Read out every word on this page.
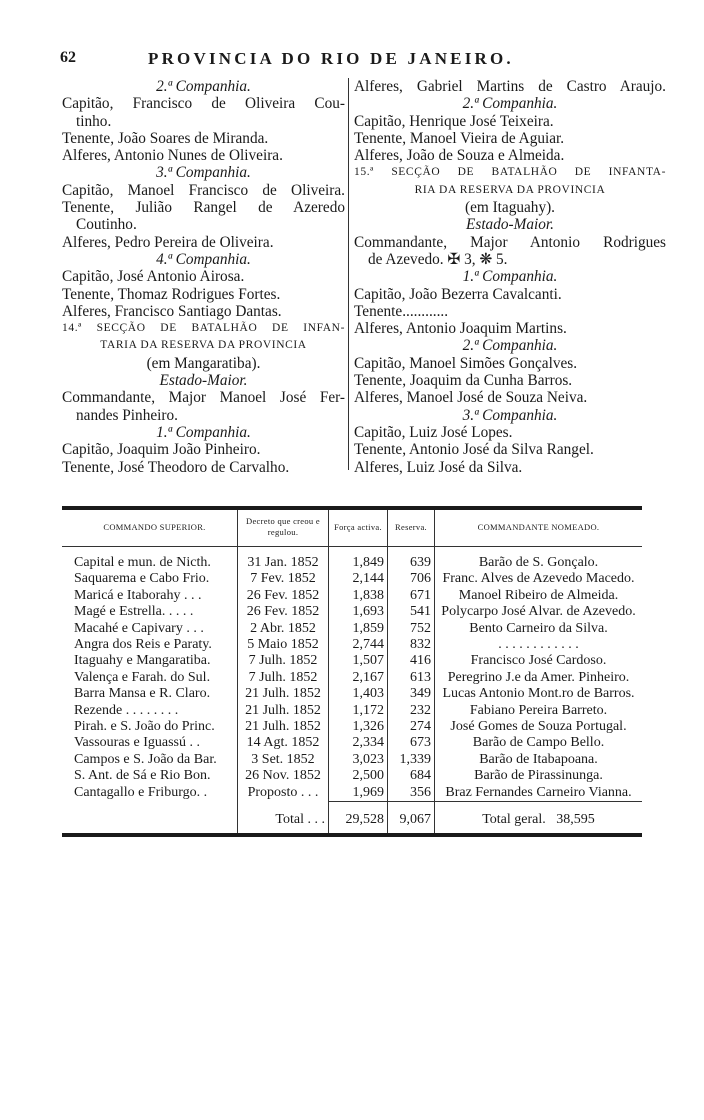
62	PROVINCIA DO RIO DE JANEIRO.
2.ª Companhia.
Capitão, Francisco de Oliveira Cou-
tinho.
Tenente, João Soares de Miranda.
Alferes, Antonio Nunes de Oliveira.
3.ª Companhia.
Capitão, Manoel Francisco de Oliveira.
Tenente, Julião Rangel de Azeredo
Coutinho.
Alferes, Pedro Pereira de Oliveira.
4.ª Companhia.
Capitão, José Antonio Airosa.
Tenente, Thomaz Rodrigues Fortes.
Alferes, Francisco Santiago Dantas.
14.ª SECÇÃO DE BATALHÃO DE INFAN-
TARIA DA RESERVA DA PROVINCIA
(em Mangaratiba).
Estado-Maior.
Commandante, Major Manoel José Fer-
nandes Pinheiro.
1.ª Companhia.
Capitão, Joaquim João Pinheiro.
Tenente, José Theodoro de Carvalho.
Alferes, Gabriel Martins de Castro Araujo.
2.ª Companhia.
Capitão, Henrique José Teixeira.
Tenente, Manoel Vieira de Aguiar.
Alferes, João de Souza e Almeida.
15.ª SECÇÃO DE BATALHÃO DE INFANTA-
RIA DA RESERVA DA PROVINCIA
(em Itaguahy).
Estado-Maior.
Commandante, Major Antonio Rodrigues
de Azevedo. ✠ 3, ❋ 5.
1.ª Companhia.
Capitão, João Bezerra Cavalcanti.
Tenente............
Alferes, Antonio Joaquim Martins.
2.ª Companhia.
Capitão, Manoel Simões Gonçalves.
Tenente, Joaquim da Cunha Barros.
Alferes, Manoel José de Souza Neiva.
3.ª Companhia.
Capitão, Luiz José Lopes.
Tenente, Antonio José da Silva Rangel.
Alferes, Luiz José da Silva.
COMMANDO SUPERIOR.	Decreto que creou e regulou.	Força activa.	Reserva.	COMMANDANTE NOMEADO.
Capital e mun. de Nicth.	31 Jan. 1852	1,849	639	Barão de S. Gonçalo.
Saquarema e Cabo Frio.	7 Fev. 1852	2,144	706	Franc. Alves de Azevedo Macedo.
Maricá e Itaborahy . . .	26 Fev. 1852	1,838	671	Manoel Ribeiro de Almeida.
Magé e Estrella. . . . .	26 Fev. 1852	1,693	541	Polycarpo José Alvar. de Azevedo.
Macahé e Capivary . . .	2 Abr. 1852	1,859	752	Bento Carneiro da Silva.
Angra dos Reis e Paraty.	5 Maio 1852	2,744	832	. . . . . . . . . . . .
Itaguahy e Mangaratiba.	7 Julh. 1852	1,507	416	Francisco José Cardoso.
Valença e Farah. do Sul.	7 Julh. 1852	2,167	613	Peregrino J.e da Amer. Pinheiro.
Barra Mansa e R. Claro.	21 Julh. 1852	1,403	349	Lucas Antonio Mont.ro de Barros.
Rezende . . . . . . . .	21 Julh. 1852	1,172	232	Fabiano Pereira Barreto.
Pirah. e S. João do Princ.	21 Julh. 1852	1,326	274	José Gomes de Souza Portugal.
Vassouras e Iguassú . .	14 Agt. 1852	2,334	673	Barão de Campo Bello.
Campos e S. João da Bar.	3 Set. 1852	3,023	1,339	Barão de Itabapoana.
S. Ant. de Sá e Rio Bon.	26 Nov. 1852	2,500	684	Barão de Pirassinunga.
Cantagallo e Friburgo. .	Proposto . . .	1,969	356	Braz Fernandes Carneiro Vianna.
	Total . . .	29,528	9,067	Total geral. 38,595
